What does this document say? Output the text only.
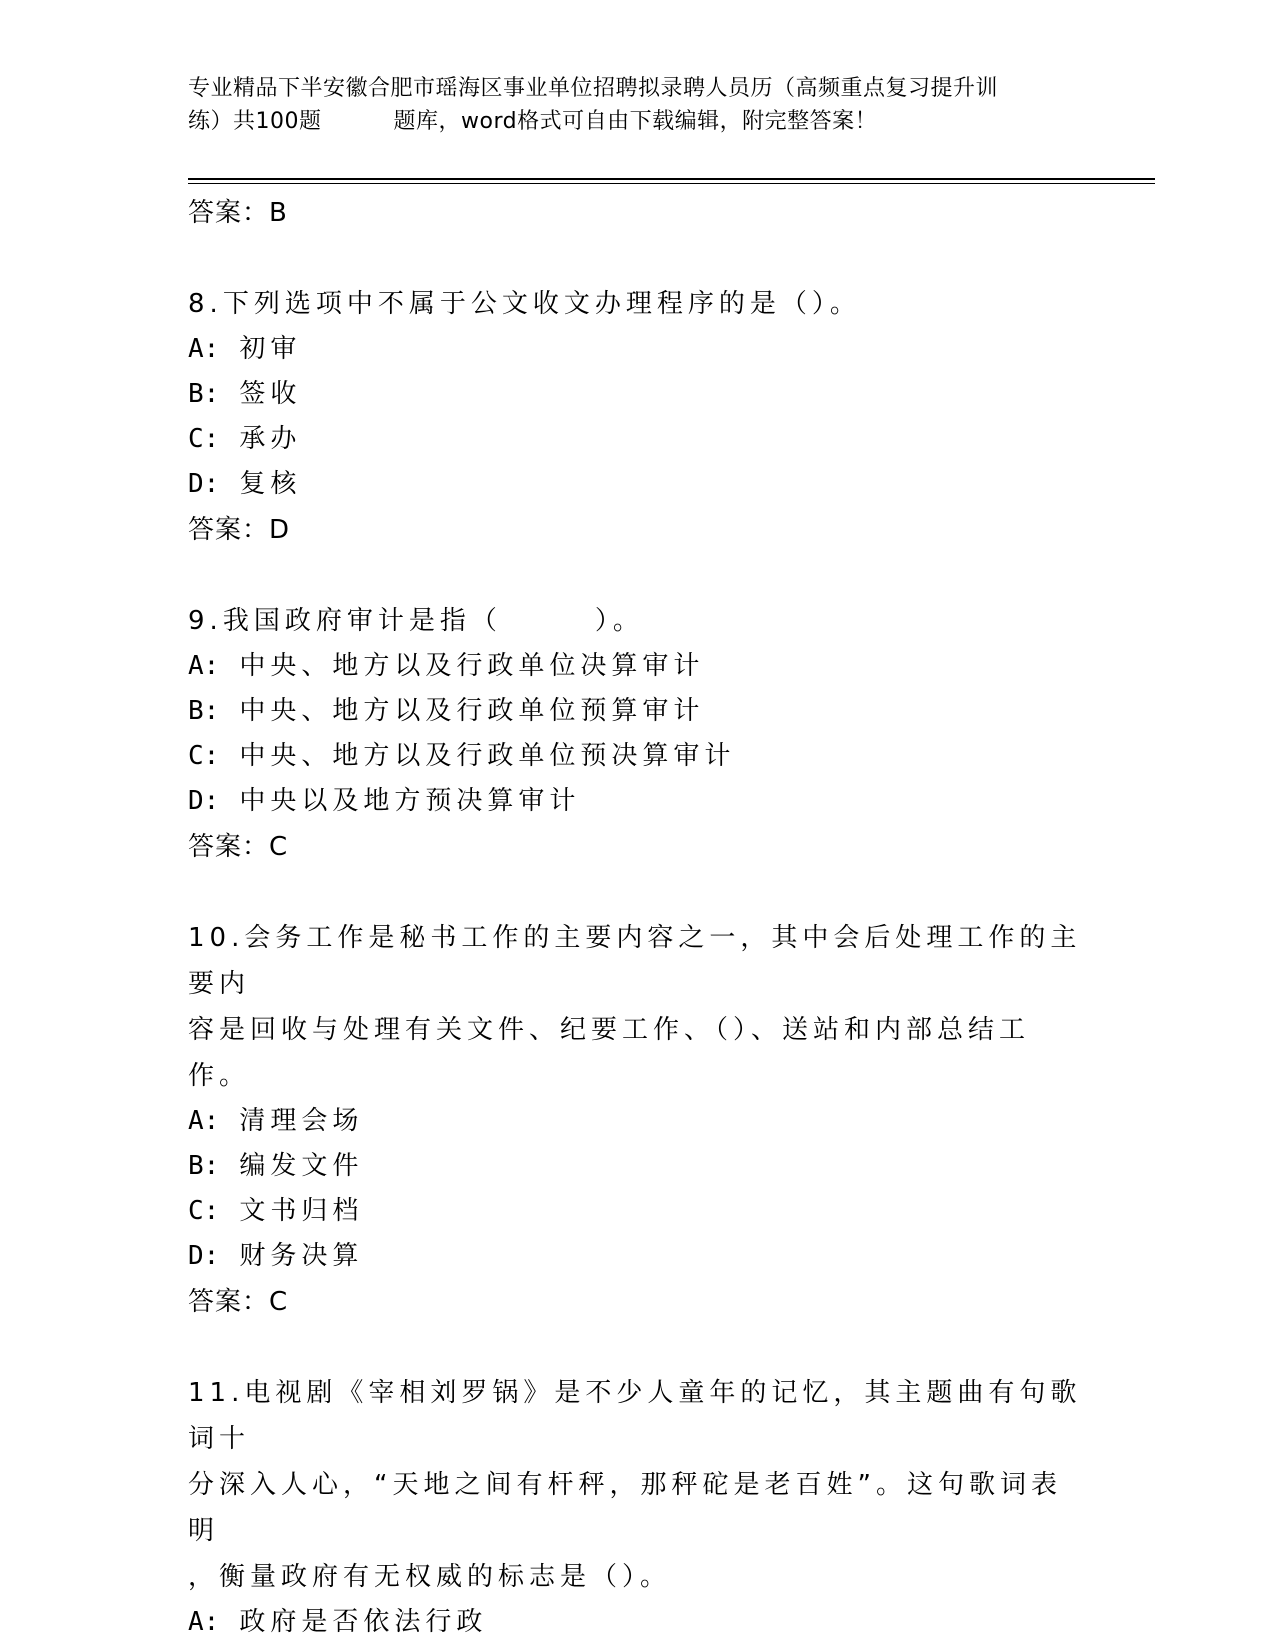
专业精品下半安徽合肥市瑶海区事业单位招聘拟录聘人员历（高频重点复习提升训
练）共100题	题库，word格式可自由下载编辑，附完整答案！
答案：B
8.下列选项中不属于公文收文办理程序的是（）。
A: 初审
B: 签收
C: 承办
D: 复核
答案：D
9.我国政府审计是指（　　　）。
A: 中央、地方以及行政单位决算审计
B: 中央、地方以及行政单位预算审计
C: 中央、地方以及行政单位预决算审计
D: 中央以及地方预决算审计
答案：C
10.会务工作是秘书工作的主要内容之一，其中会后处理工作的主要内
容是回收与处理有关文件、纪要工作、（）、送站和内部总结工作。
A: 清理会场
B: 编发文件
C: 文书归档
D: 财务决算
答案：C
11.电视剧《宰相刘罗锅》是不少人童年的记忆，其主题曲有句歌词十
分深入人心，“天地之间有杆秤，那秤砣是老百姓”。这句歌词表明
，衡量政府有无权威的标志是（）。
A: 政府是否依法行政
